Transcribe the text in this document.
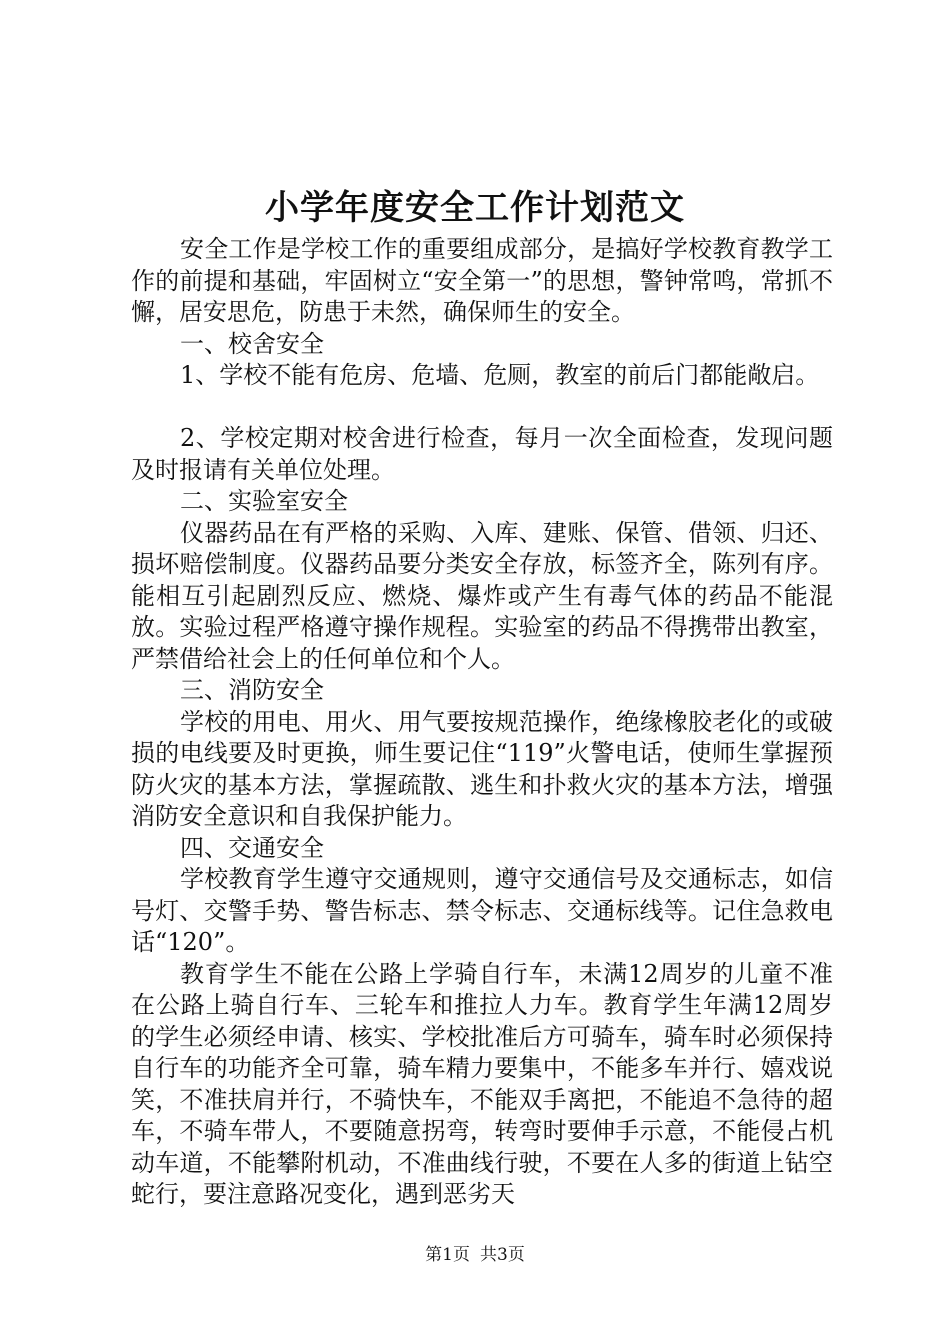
小学年度安全工作计划范文

安全工作是学校工作的重要组成部分，是搞好学校教育教学工作的前提和基础，牢固树立“安全第一”的思想，警钟常鸣，常抓不懈，居安思危，防患于未然，确保师生的安全。

一、校舍安全

1、学校不能有危房、危墙、危厕，教室的前后门都能敞启。

2、学校定期对校舍进行检查，每月一次全面检查，发现问题及时报请有关单位处理。

二、实验室安全

仪器药品在有严格的采购、入库、建账、保管、借领、归还、损坏赔偿制度。仪器药品要分类安全存放，标签齐全，陈列有序。能相互引起剧烈反应、燃烧、爆炸或产生有毒气体的药品不能混放。实验过程严格遵守操作规程。实验室的药品不得携带出教室，严禁借给社会上的任何单位和个人。

三、消防安全

学校的用电、用火、用气要按规范操作，绝缘橡胶老化的或破损的电线要及时更换，师生要记住“119”火警电话，使师生掌握预防火灾的基本方法，掌握疏散、逃生和扑救火灾的基本方法，增强消防安全意识和自我保护能力。

四、交通安全

学校教育学生遵守交通规则，遵守交通信号及交通标志，如信号灯、交警手势、警告标志、禁令标志、交通标线等。记住急救电话“120”。

教育学生不能在公路上学骑自行车，未满12周岁的儿童不准在公路上骑自行车、三轮车和推拉人力车。教育学生年满12周岁的学生必须经申请、核实、学校批准后方可骑车，骑车时必须保持自行车的功能齐全可靠，骑车精力要集中，不能多车并行、嬉戏说笑，不准扶肩并行，不骑快车，不能双手离把，不能追不急待的超车，不骑车带人，不要随意拐弯，转弯时要伸手示意，不能侵占机动车道，不能攀附机动，不准曲线行驶，不要在人多的街道上钻空蛇行，要注意路况变化，遇到恶劣天

第1页 共3页
